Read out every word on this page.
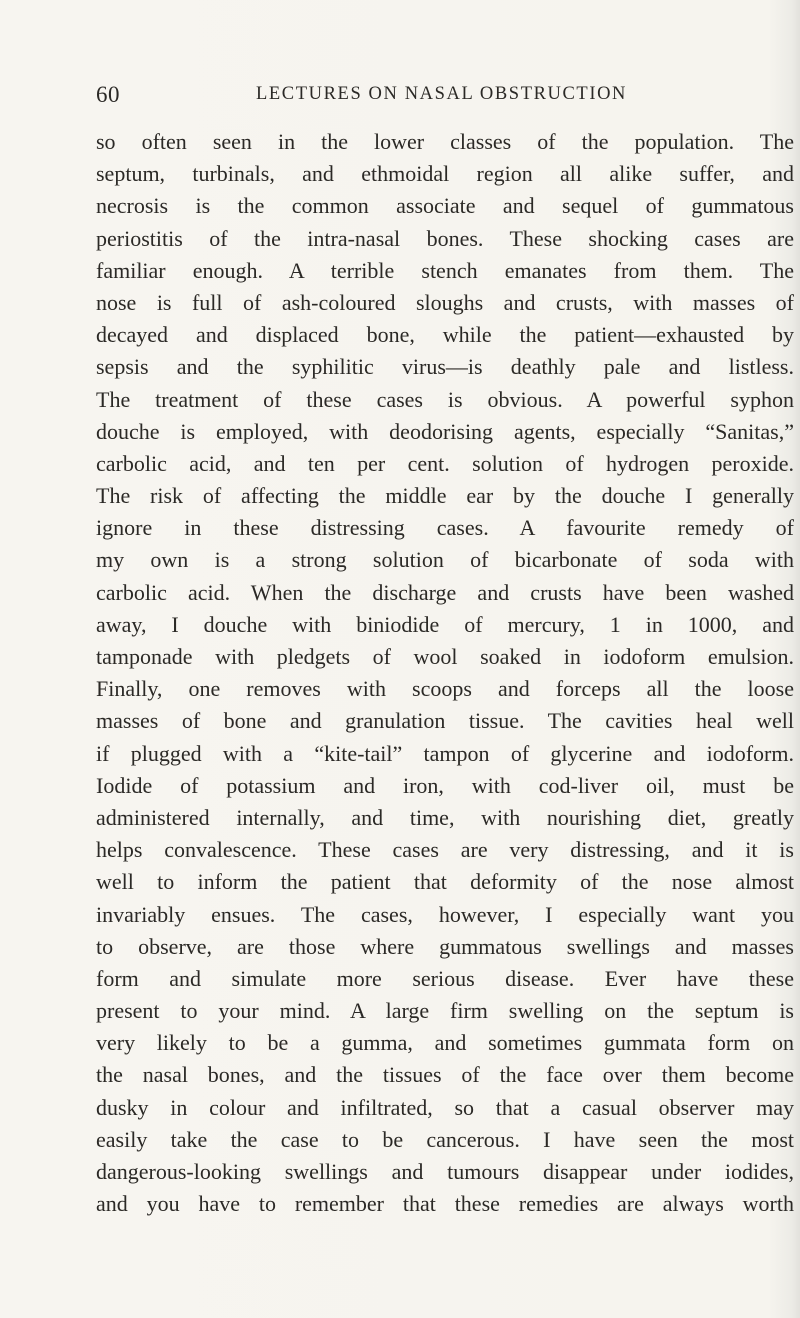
60	LECTURES ON NASAL OBSTRUCTION
so often seen in the lower classes of the population. The
septum, turbinals, and ethmoidal region all alike suffer, and
necrosis is the common associate and sequel of gummatous
periostitis of the intra-nasal bones. These shocking cases are
familiar enough. A terrible stench emanates from them. The
nose is full of ash-coloured sloughs and crusts, with masses of
decayed and displaced bone, while the patient—exhausted by
sepsis and the syphilitic virus—is deathly pale and listless.
The treatment of these cases is obvious. A powerful syphon
douche is employed, with deodorising agents, especially “Sanitas,”
carbolic acid, and ten per cent. solution of hydrogen peroxide.
The risk of affecting the middle ear by the douche I generally
ignore in these distressing cases. A favourite remedy of
my own is a strong solution of bicarbonate of soda with
carbolic acid. When the discharge and crusts have been washed
away, I douche with biniodide of mercury, 1 in 1000, and
tamponade with pledgets of wool soaked in iodoform emulsion.
Finally, one removes with scoops and forceps all the loose
masses of bone and granulation tissue. The cavities heal well
if plugged with a “kite-tail” tampon of glycerine and iodoform.
Iodide of potassium and iron, with cod-liver oil, must be
administered internally, and time, with nourishing diet, greatly
helps convalescence. These cases are very distressing, and it is
well to inform the patient that deformity of the nose almost
invariably ensues. The cases, however, I especially want you
to observe, are those where gummatous swellings and masses
form and simulate more serious disease. Ever have these
present to your mind. A large firm swelling on the septum is
very likely to be a gumma, and sometimes gummata form on
the nasal bones, and the tissues of the face over them become
dusky in colour and infiltrated, so that a casual observer may
easily take the case to be cancerous. I have seen the most
dangerous-looking swellings and tumours disappear under iodides,
and you have to remember that these remedies are always worth
